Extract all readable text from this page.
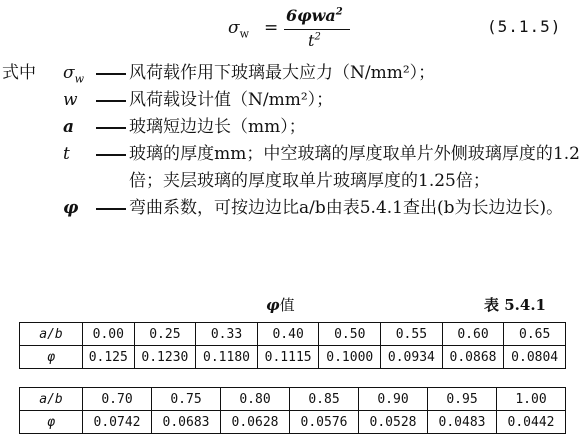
$\sigma_w$ =
6φwa$^2$
$t^2$
(5.1.5)
式中 $\sigma_w$	风荷载作用下玻璃最大应力（N/mm²）；
w	风荷载设计值（N/mm²）；
a	玻璃短边边长（mm）；
t	玻璃的厚度mm；中空玻璃的厚度取单片外侧玻璃厚度的1.2倍；夹层玻璃的厚度取单片玻璃厚度的1.25倍；
φ	弯曲系数，可按边边比a/b由表5.4.1查出(b为长边边长)。
φ值	表 5.4.1
a/b	0.00	0.25	0.33	0.40	0.50	0.55	0.60	0.65
φ	0.125	0.1230	0.1180	0.1115	0.1000	0.0934	0.0868	0.0804
a/b	0.70	0.75	0.80	0.85	0.90	0.95	1.00
φ	0.0742	0.0683	0.0628	0.0576	0.0528	0.0483	0.0442
